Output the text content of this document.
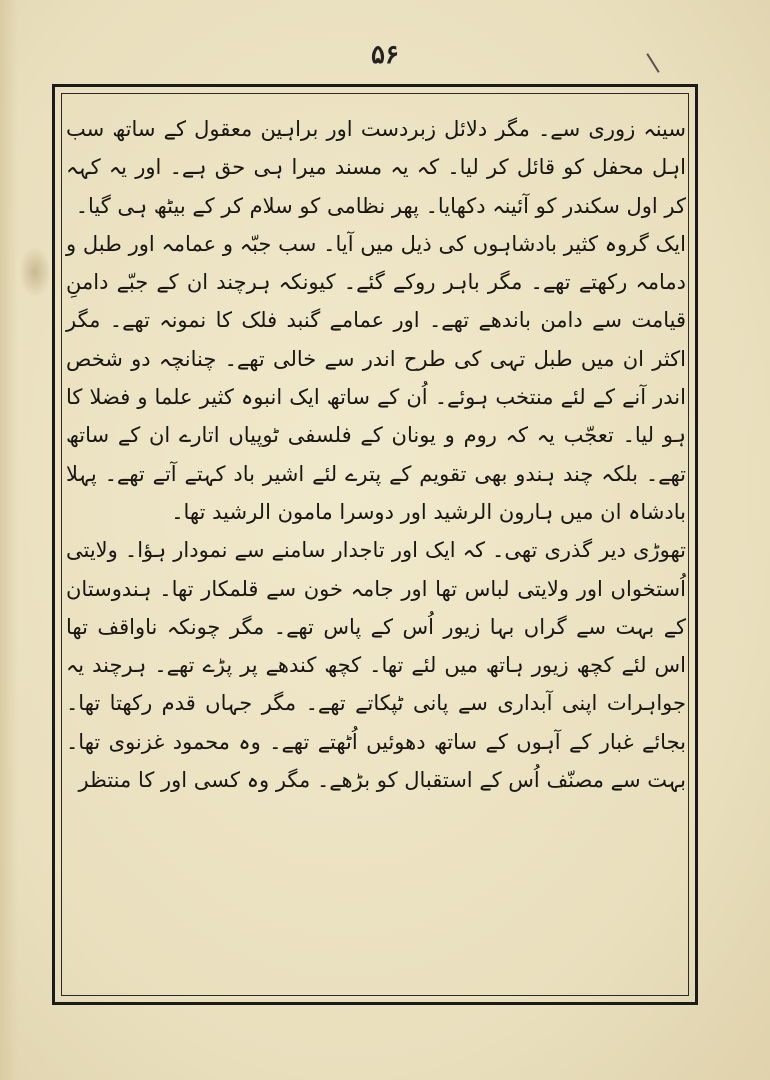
۵۶

سینہ زوری سے۔ مگر دلائل زبردست اور براہین معقول کے ساتھ سب اہل محفل کو قائل کر لیا۔ کہ یہ مسند میرا ہی حق ہے۔ اور یہ کہہ کر اول سکندر کو آئینہ دکھایا۔ پھر نظامی کو سلام کر کے بیٹھ ہی گیا۔

ایک گروہ کثیر بادشاہوں کی ذیل میں آیا۔ سب جبّہ و عمامہ اور طبل و دمامہ رکھتے تھے۔ مگر باہر روکے گئے۔ کیونکہ ہرچند ان کے جبّے دامنِ قیامت سے دامن باندھے تھے۔ اور عمامے گنبد فلک کا نمونہ تھے۔ مگر اکثر ان میں طبل تہی کی طرح اندر سے خالی تھے۔ چنانچہ دو شخص اندر آنے کے لئے منتخب ہوئے۔ اُن کے ساتھ ایک انبوہ کثیر علما و فضلا کا ہو لیا۔ تعجّب یہ کہ روم و یونان کے فلسفی ٹوپیاں اتارے ان کے ساتھ تھے۔ بلکہ چند ہندو بھی تقویم کے پترے لئے اشیر باد کہتے آتے تھے۔ پہلا بادشاہ ان میں ہارون الرشید اور دوسرا مامون الرشید تھا۔

تھوڑی دیر گذری تھی۔ کہ ایک اور تاجدار سامنے سے نمودار ہؤا۔ ولایتی اُستخواں اور ولایتی لباس تھا اور جامہ خون سے قلمکار تھا۔ ہندوستان کے بہت سے گراں بہا زیور اُس کے پاس تھے۔ مگر چونکہ ناواقف تھا اس لئے کچھ زیور ہاتھ میں لئے تھا۔ کچھ کندھے پر پڑے تھے۔ ہرچند یہ جواہرات اپنی آبداری سے پانی ٹپکاتے تھے۔ مگر جہاں قدم رکھتا تھا۔ بجائے غبار کے آہوں کے ساتھ دھوئیں اُٹھتے تھے۔ وہ محمود غزنوی تھا۔ بہت سے مصنّف اُس کے استقبال کو بڑھے۔ مگر وہ کسی اور کا منتظر
